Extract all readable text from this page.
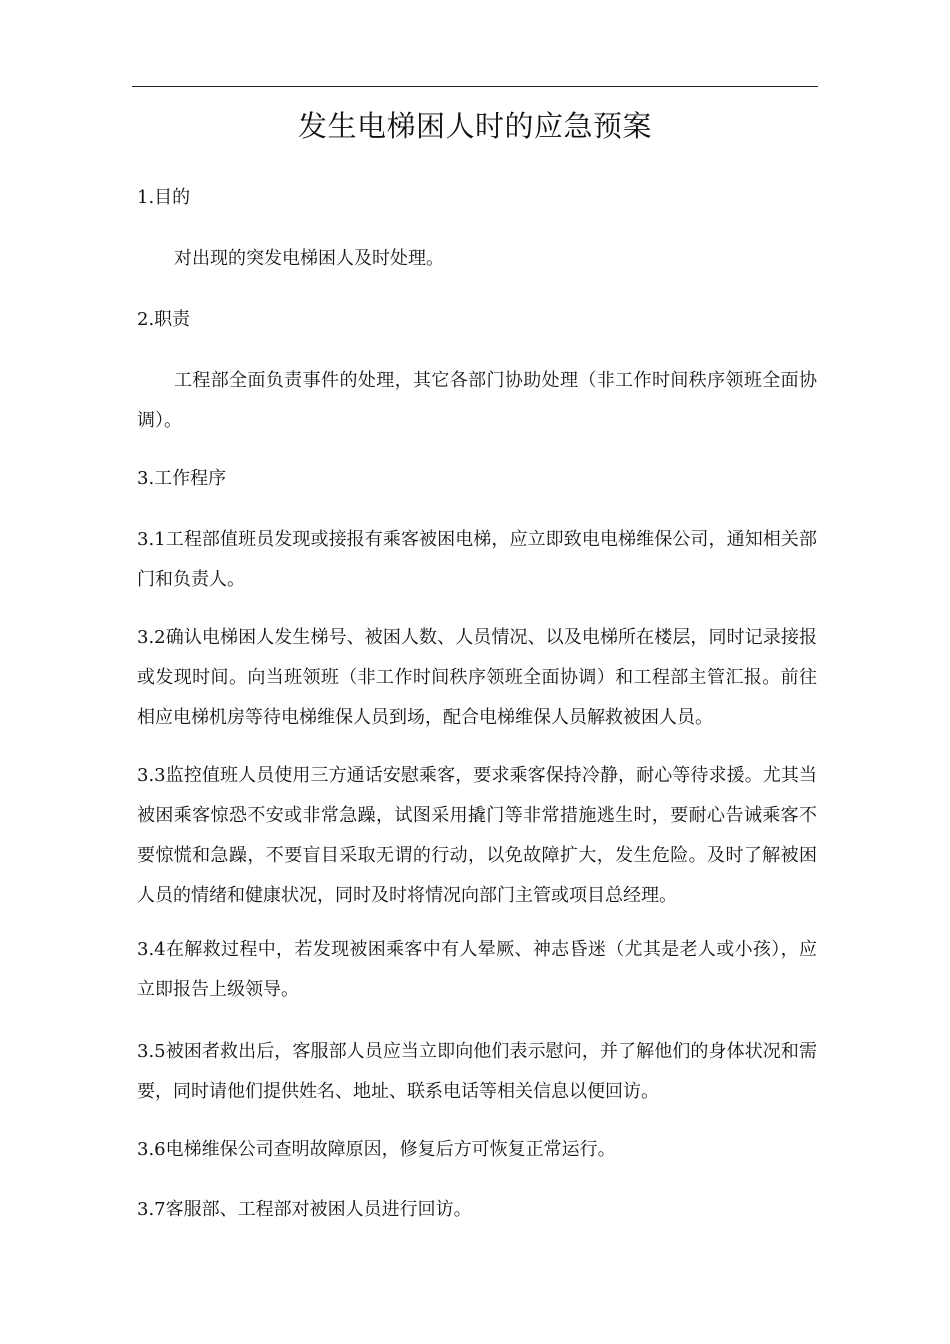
发生电梯困人时的应急预案

1.目的

对出现的突发电梯困人及时处理。

2.职责

工程部全面负责事件的处理，其它各部门协助处理（非工作时间秩序领班全面协调）。

3.工作程序

3.1工程部值班员发现或接报有乘客被困电梯，应立即致电电梯维保公司，通知相关部门和负责人。

3.2确认电梯困人发生梯号、被困人数、人员情况、以及电梯所在楼层，同时记录接报或发现时间。向当班领班（非工作时间秩序领班全面协调）和工程部主管汇报。前往相应电梯机房等待电梯维保人员到场，配合电梯维保人员解救被困人员。

3.3监控值班人员使用三方通话安慰乘客，要求乘客保持冷静，耐心等待求援。尤其当被困乘客惊恐不安或非常急躁，试图采用撬门等非常措施逃生时，要耐心告诫乘客不要惊慌和急躁，不要盲目采取无谓的行动，以免故障扩大，发生危险。及时了解被困人员的情绪和健康状况，同时及时将情况向部门主管或项目总经理。

3.4在解救过程中，若发现被困乘客中有人晕厥、神志昏迷（尤其是老人或小孩），应立即报告上级领导。

3.5被困者救出后，客服部人员应当立即向他们表示慰问，并了解他们的身体状况和需要，同时请他们提供姓名、地址、联系电话等相关信息以便回访。

3.6电梯维保公司查明故障原因，修复后方可恢复正常运行。

3.7客服部、工程部对被困人员进行回访。
